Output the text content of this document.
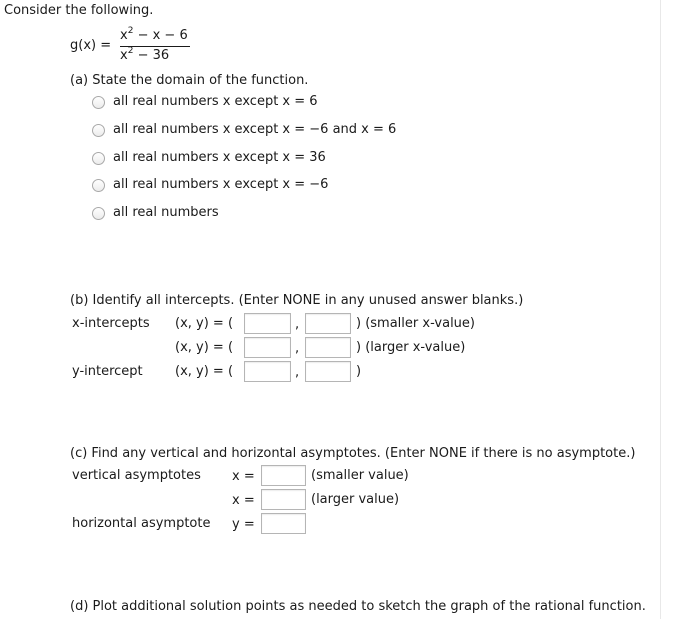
Consider the following.
g(x) =
$x^2 - x - 6$
$x^2 - 36$
(a) State the domain of the function.
all real numbers x except x = 6
all real numbers x except x = −6 and x = 6
all real numbers x except x = 36
all real numbers x except x = −6
all real numbers
(b) Identify all intercepts. (Enter NONE in any unused answer blanks.)
x-intercepts (x, y) = (	,	) (smaller x-value)
(x, y) = (	,	) (larger x-value)
y-intercept (x, y) = (	,	)
(c) Find any vertical and horizontal asymptotes. (Enter NONE if there is no asymptote.)
vertical asymptotes x =	(smaller value)
x =	(larger value)
horizontal asymptote y =
(d) Plot additional solution points as needed to sketch the graph of the rational function.
